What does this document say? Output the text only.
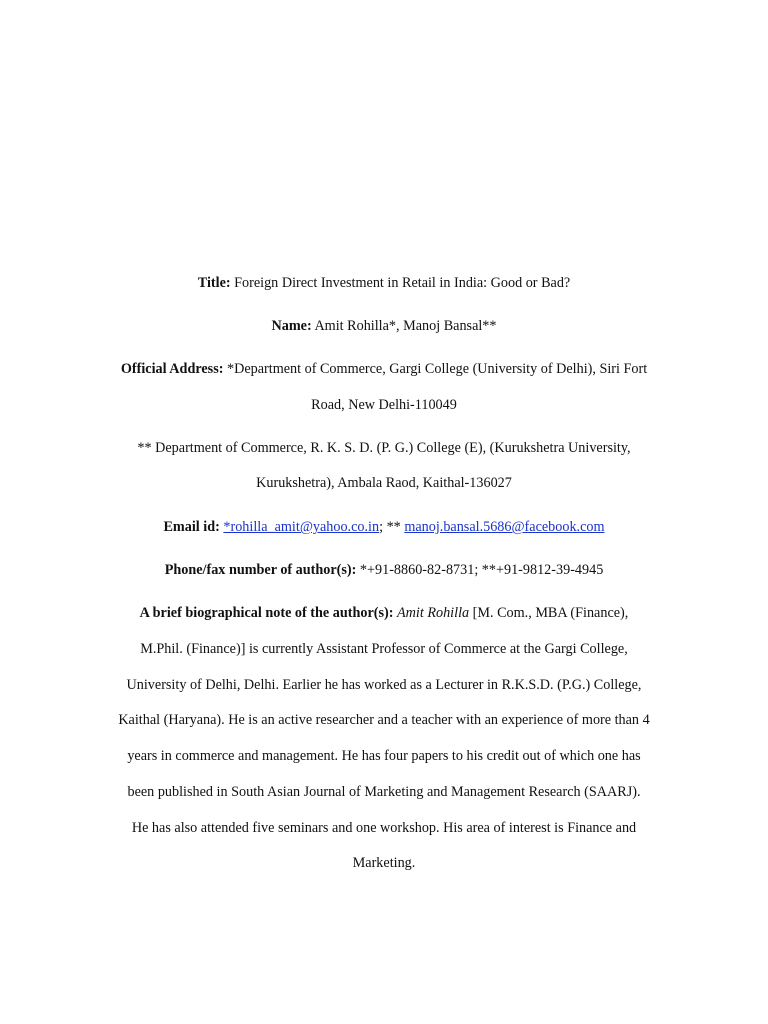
Title: Foreign Direct Investment in Retail in India: Good or Bad?
Name: Amit Rohilla*, Manoj Bansal**
Official Address: *Department of Commerce, Gargi College (University of Delhi), Siri Fort
Road, New Delhi-110049
** Department of Commerce, R. K. S. D. (P. G.) College (E), (Kurukshetra University,
Kurukshetra), Ambala Raod, Kaithal-136027
Email id: *rohilla_amit@yahoo.co.in; ** manoj.bansal.5686@facebook.com
Phone/fax number of author(s): *+91-8860-82-8731; **+91-9812-39-4945
A brief biographical note of the author(s): Amit Rohilla [M. Com., MBA (Finance),
M.Phil. (Finance)] is currently Assistant Professor of Commerce at the Gargi College,
University of Delhi, Delhi. Earlier he has worked as a Lecturer in R.K.S.D. (P.G.) College,
Kaithal (Haryana). He is an active researcher and a teacher with an experience of more than 4
years in commerce and management. He has four papers to his credit out of which one has
been published in South Asian Journal of Marketing and Management Research (SAARJ).
He has also attended five seminars and one workshop. His area of interest is Finance and
Marketing.
